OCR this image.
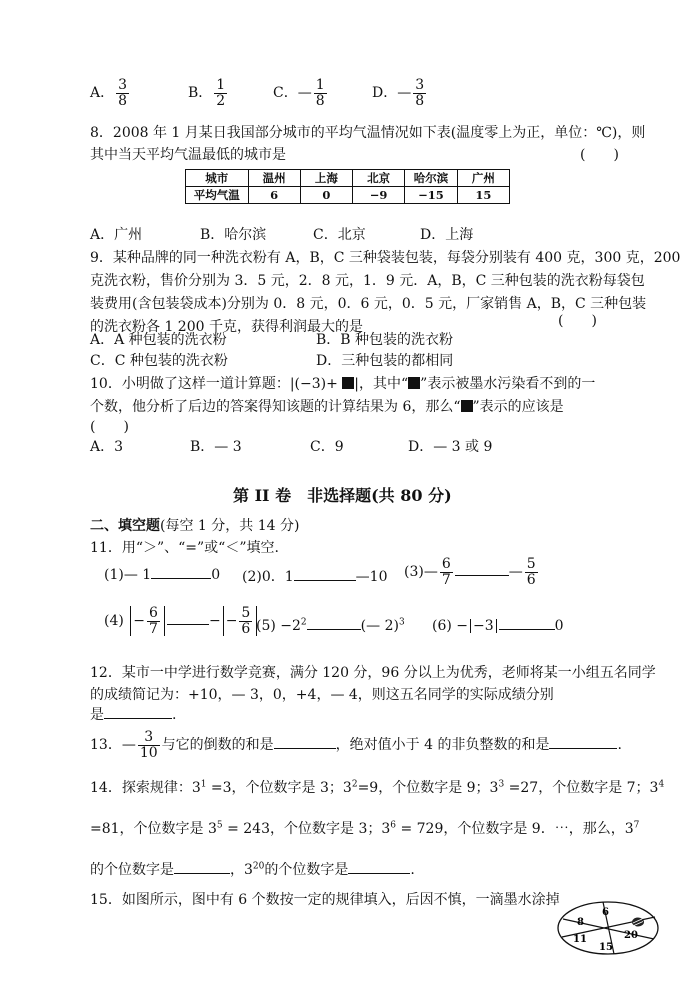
A． $\frac{3}{8}$	B． $\frac{1}{2}$	C．— $\frac{1}{8}$	D．— $\frac{3}{8}$
8．2008 年 1 月某日我国部分城市的平均气温情况如下表(温度零上为正，单位：℃)，则
其中当天平均气温最低的城市是	(　　)
城市	温州	上海	北京	哈尔滨	广州
平均气温	6	0	−9	−15	15
A．广州	B．哈尔滨	C．北京	D．上海
9．某种品牌的同一种洗衣粉有 A，B，C 三种袋装包装，每袋分别装有 400 克，300 克，200
克洗衣粉，售价分别为 3．5 元，2．8 元，1．9 元．A，B，C 三种包装的洗衣粉每袋包
装费用(含包装袋成本)分别为 0．8 元，0．6 元，0．5 元，厂家销售 A，B，C 三种包装
的洗衣粉各 1 200 千克，获得利润最大的是	(　　)
A．A 种包装的洗衣粉	B．B 种包装的洗衣粉
C．C 种包装的洗衣粉	D．三种包装的都相同
10．小明做了这样一道计算题：|(−3)+ |，其中“ ”表示被墨水污染看不到的一
个数，他分析了后边的答案得知该题的计算结果为 6，那么“ ”表示的应该是
(　　)
A．3	B．— 3	C．9	D．— 3 或 9
第 II 卷　非选择题(共 80 分)
二、填空题(每空 1 分，共 14 分)
11．用“＞”、“=”或“＜”填空.
(1)— 1	0 (2)0．1	—10 (3)— $\frac{6}{7}$	— $\frac{5}{6}$
$(4) - \frac{6}{7}$	− − $\frac{5}{6} (5) -2^2$	(— 2)$^3$ (6) − −3	0
12．某市一中学进行数学竞赛，满分 120 分，96 分以上为优秀，老师将某一小组五名同学
的成绩简记为：+10，— 3，0，+4，— 4，则这五名同学的实际成绩分别
是	.
13．— $\frac{3}{10}$ 与它的倒数的和是	，绝对值小于 4 的非负整数的和是	.
14．探索规律：$3^1 =3$，个位数字是 3；$3^2=9$，个位数字是 9；$3^3 =27$，个位数字是 7；$3^4$
=81，个位数字是 $3^5 = 243$，个位数字是 3；$3^6 = 729$，个位数字是 9．⋯，那么，$3^7$
的个位数字是	，$3^{20}$的个位数字是	.
15．如图所示，图中有 6 个数按一定的规律填入，后因不慎，一滴墨水涂掉
6
8
20
11
15
